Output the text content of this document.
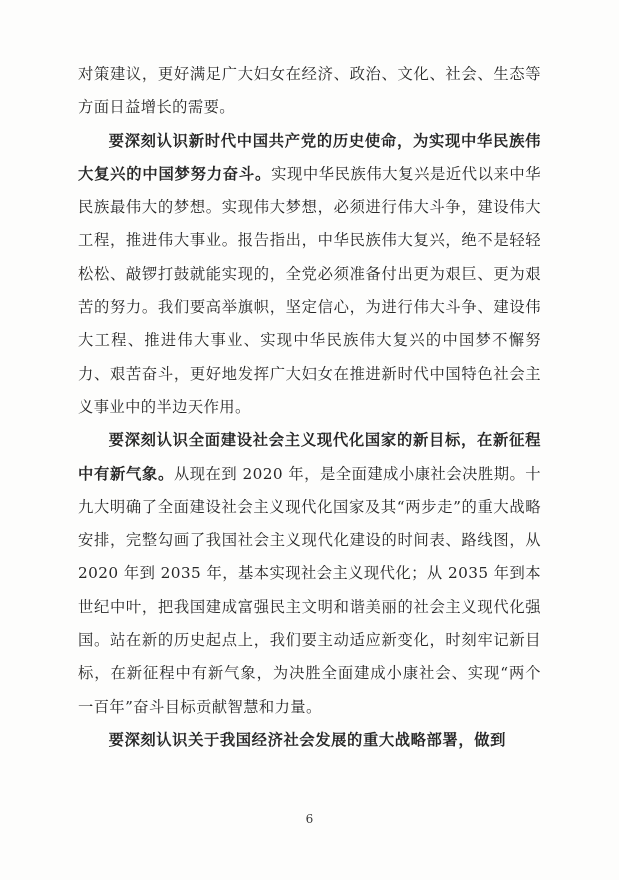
对策建议，更好满足广大妇女在经济、政治、文化、社会、生态等方面日益增长的需要。

要深刻认识新时代中国共产党的历史使命，为实现中华民族伟大复兴的中国梦努力奋斗。实现中华民族伟大复兴是近代以来中华民族最伟大的梦想。实现伟大梦想，必须进行伟大斗争，建设伟大工程，推进伟大事业。报告指出，中华民族伟大复兴，绝不是轻轻松松、敲锣打鼓就能实现的，全党必须准备付出更为艰巨、更为艰苦的努力。我们要高举旗帜，坚定信心，为进行伟大斗争、建设伟大工程、推进伟大事业、实现中华民族伟大复兴的中国梦不懈努力、艰苦奋斗，更好地发挥广大妇女在推进新时代中国特色社会主义事业中的半边天作用。

要深刻认识全面建设社会主义现代化国家的新目标，在新征程中有新气象。从现在到 2020 年，是全面建成小康社会决胜期。十九大明确了全面建设社会主义现代化国家及其“两步走”的重大战略安排，完整勾画了我国社会主义现代化建设的时间表、路线图，从 2020 年到 2035 年，基本实现社会主义现代化；从 2035 年到本世纪中叶，把我国建成富强民主文明和谐美丽的社会主义现代化强国。站在新的历史起点上，我们要主动适应新变化，时刻牢记新目标，在新征程中有新气象，为决胜全面建成小康社会、实现“两个一百年”奋斗目标贡献智慧和力量。

要深刻认识关于我国经济社会发展的重大战略部署，做到

6
